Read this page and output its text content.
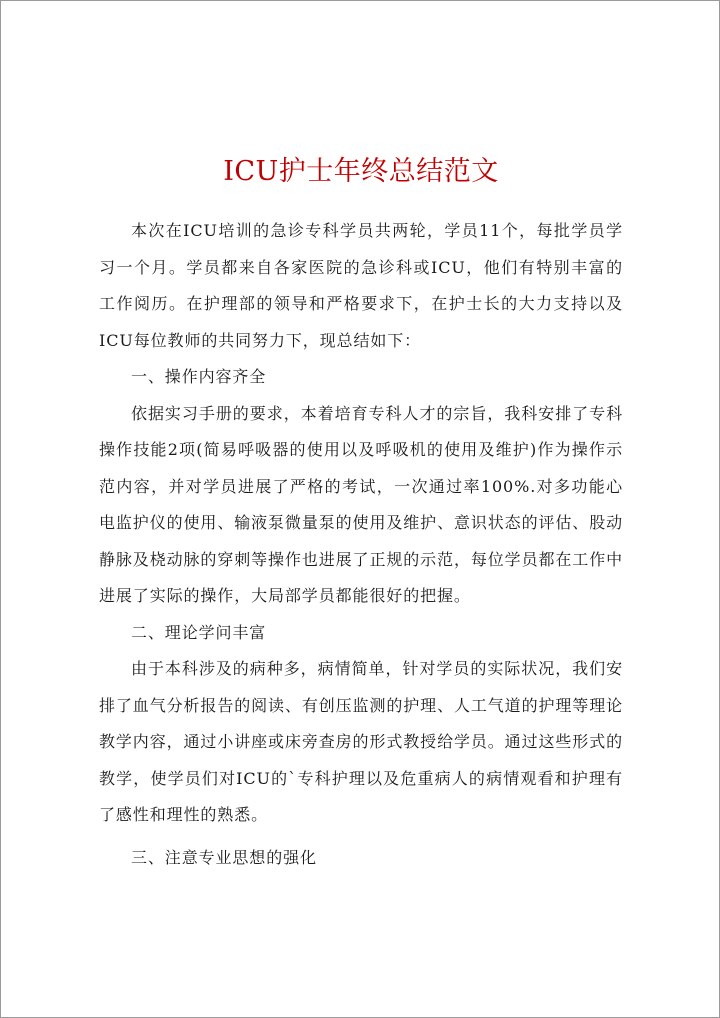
ICU护士年终总结范文

本次在ICU培训的急诊专科学员共两轮，学员11个，每批学员学习一个月。学员都来自各家医院的急诊科或ICU，他们有特别丰富的工作阅历。在护理部的领导和严格要求下，在护士长的大力支持以及ICU每位教师的共同努力下，现总结如下：

一、操作内容齐全

依据实习手册的要求，本着培育专科人才的宗旨，我科安排了专科操作技能2项(简易呼吸器的使用以及呼吸机的使用及维护)作为操作示范内容，并对学员进展了严格的考试，一次通过率100%.对多功能心电监护仪的使用、输液泵微量泵的使用及维护、意识状态的评估、股动静脉及桡动脉的穿刺等操作也进展了正规的示范，每位学员都在工作中进展了实际的操作，大局部学员都能很好的把握。

二、理论学问丰富

由于本科涉及的病种多，病情简单，针对学员的实际状况，我们安排了血气分析报告的阅读、有创压监测的护理、人工气道的护理等理论教学内容，通过小讲座或床旁查房的形式教授给学员。通过这些形式的教学，使学员们对ICU的`专科护理以及危重病人的病情观看和护理有了感性和理性的熟悉。

三、注意专业思想的强化
